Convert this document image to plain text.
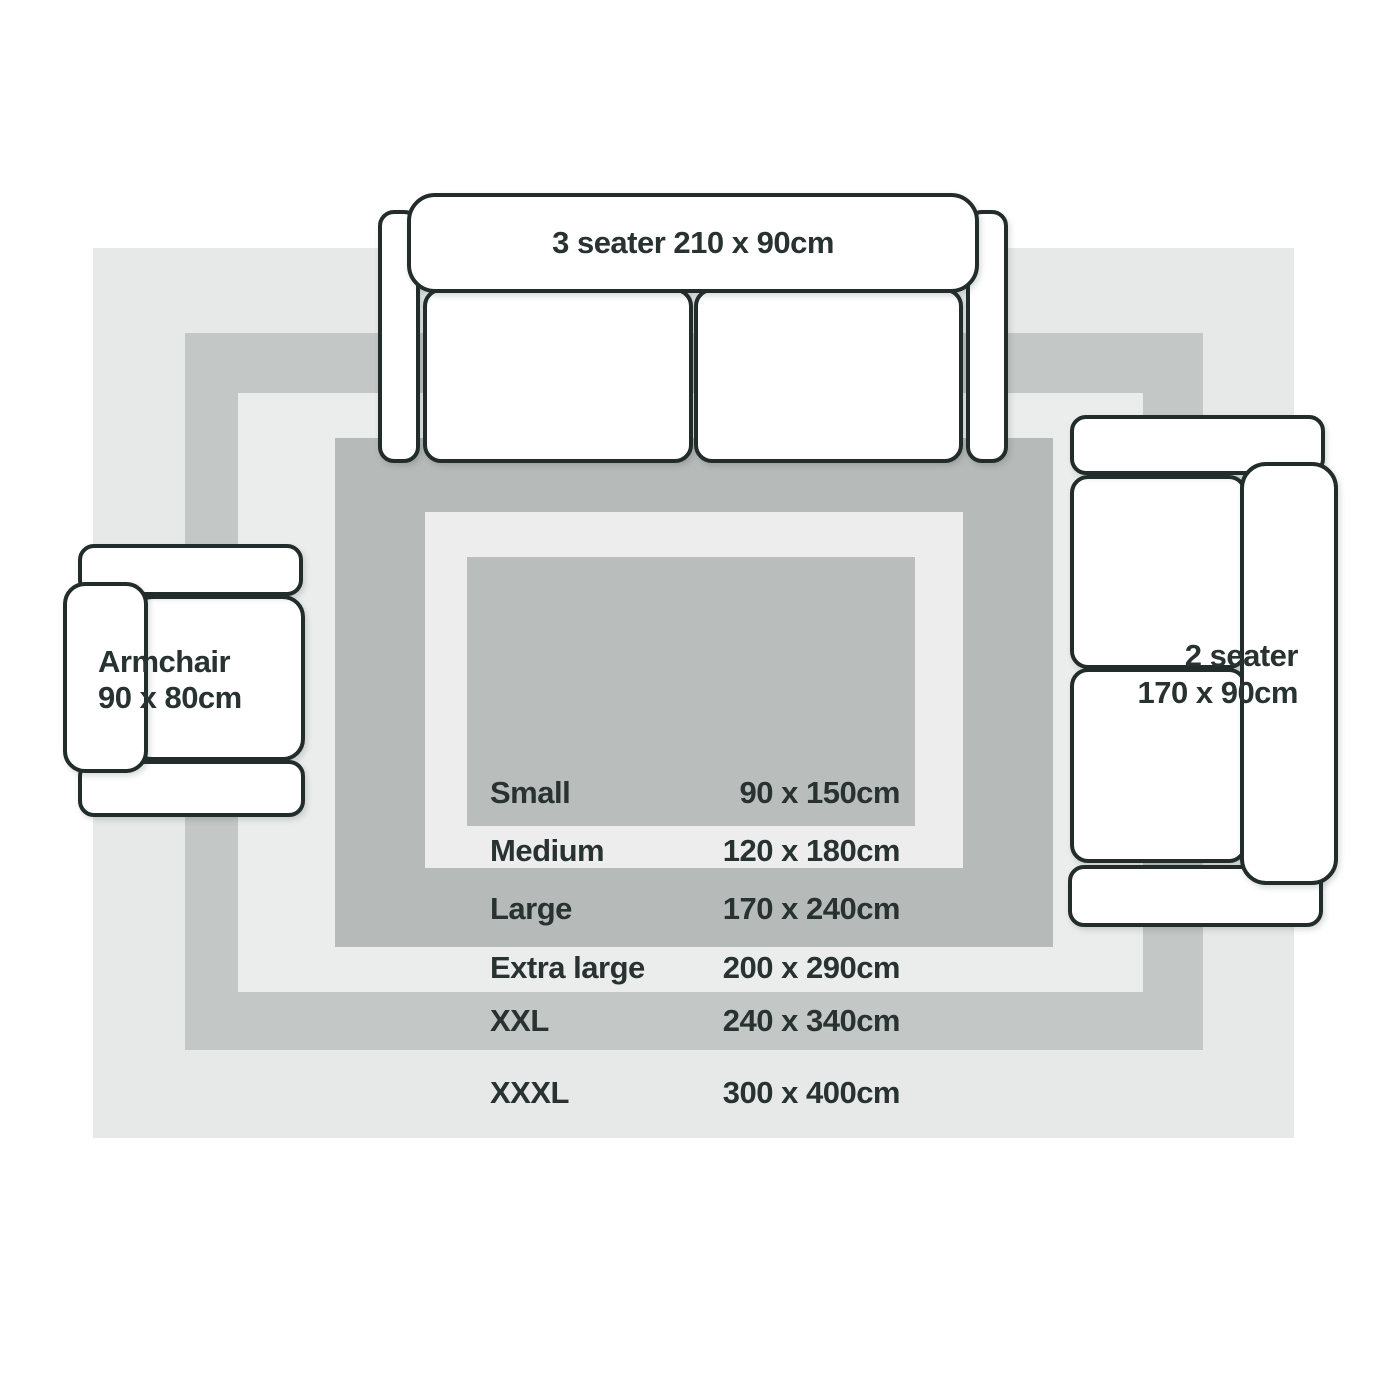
Small	90 x 150cm
Medium	120 x 180cm
Large	170 x 240cm
Extra large	200 x 290cm
XXL	240 x 340cm
XXXL	300 x 400cm
3 seater 210 x 90cm
Armchair
90 x 80cm
2 seater
170 x 90cm
